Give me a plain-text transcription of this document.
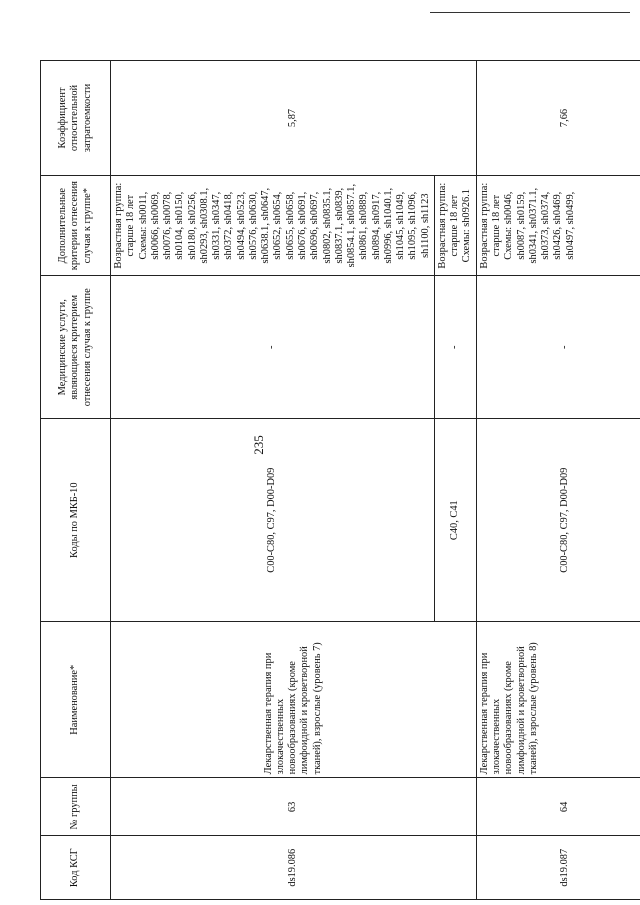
235
Код КСГ	№ группы	Наименование*	Коды по МКБ-10	Медицинские услуги, являющиеся критерием отнесения случая к группе	Дополнительные критерии отнесения случая к группе*	Коэффициент относительной затратоемкости
ds19.086	63	Лекарственная терапия при злокачественных новообразованиях (кроме лимфоидной и кроветворной тканей), взрослые (уровень 7)	C00-C80, C97, D00-D09	-	Возрастная группа: старше 18 лет Схемы: sh0011, sh0066, sh0069, sh0076, sh0078, sh0104, sh0150, sh0180, sh0256, sh0293, sh0308.1, sh0331, sh0347, sh0372, sh0418, sh0494, sh0523, sh0576, sh0630, sh0638.1, sh0647, sh0652, sh0654, sh0655, sh0658, sh0676, sh0691, sh0696, sh0697, sh0802, sh0835.1, sh0837.1, sh0839, sh0854.1, sh0857.1, sh0861, sh0889, sh0894, sh0917, sh0996, sh1040.1, sh1045, sh1049, sh1095, sh1096, sh1100, sh1123	5,87
			C40, C41	-	Возрастная группа: старше 18 лет Схемы: sh0926.1	
ds19.087	64	Лекарственная терапия при злокачественных новообразованиях (кроме лимфоидной и кроветворной тканей), взрослые (уровень 8)	C00-C80, C97, D00-D09	-	Возрастная группа: старше 18 лет Схемы: sh0046, sh0087, sh0159, sh0341, sh0371.1, sh0373, sh0374, sh0426, sh0469, sh0497, sh0499,	7,66
